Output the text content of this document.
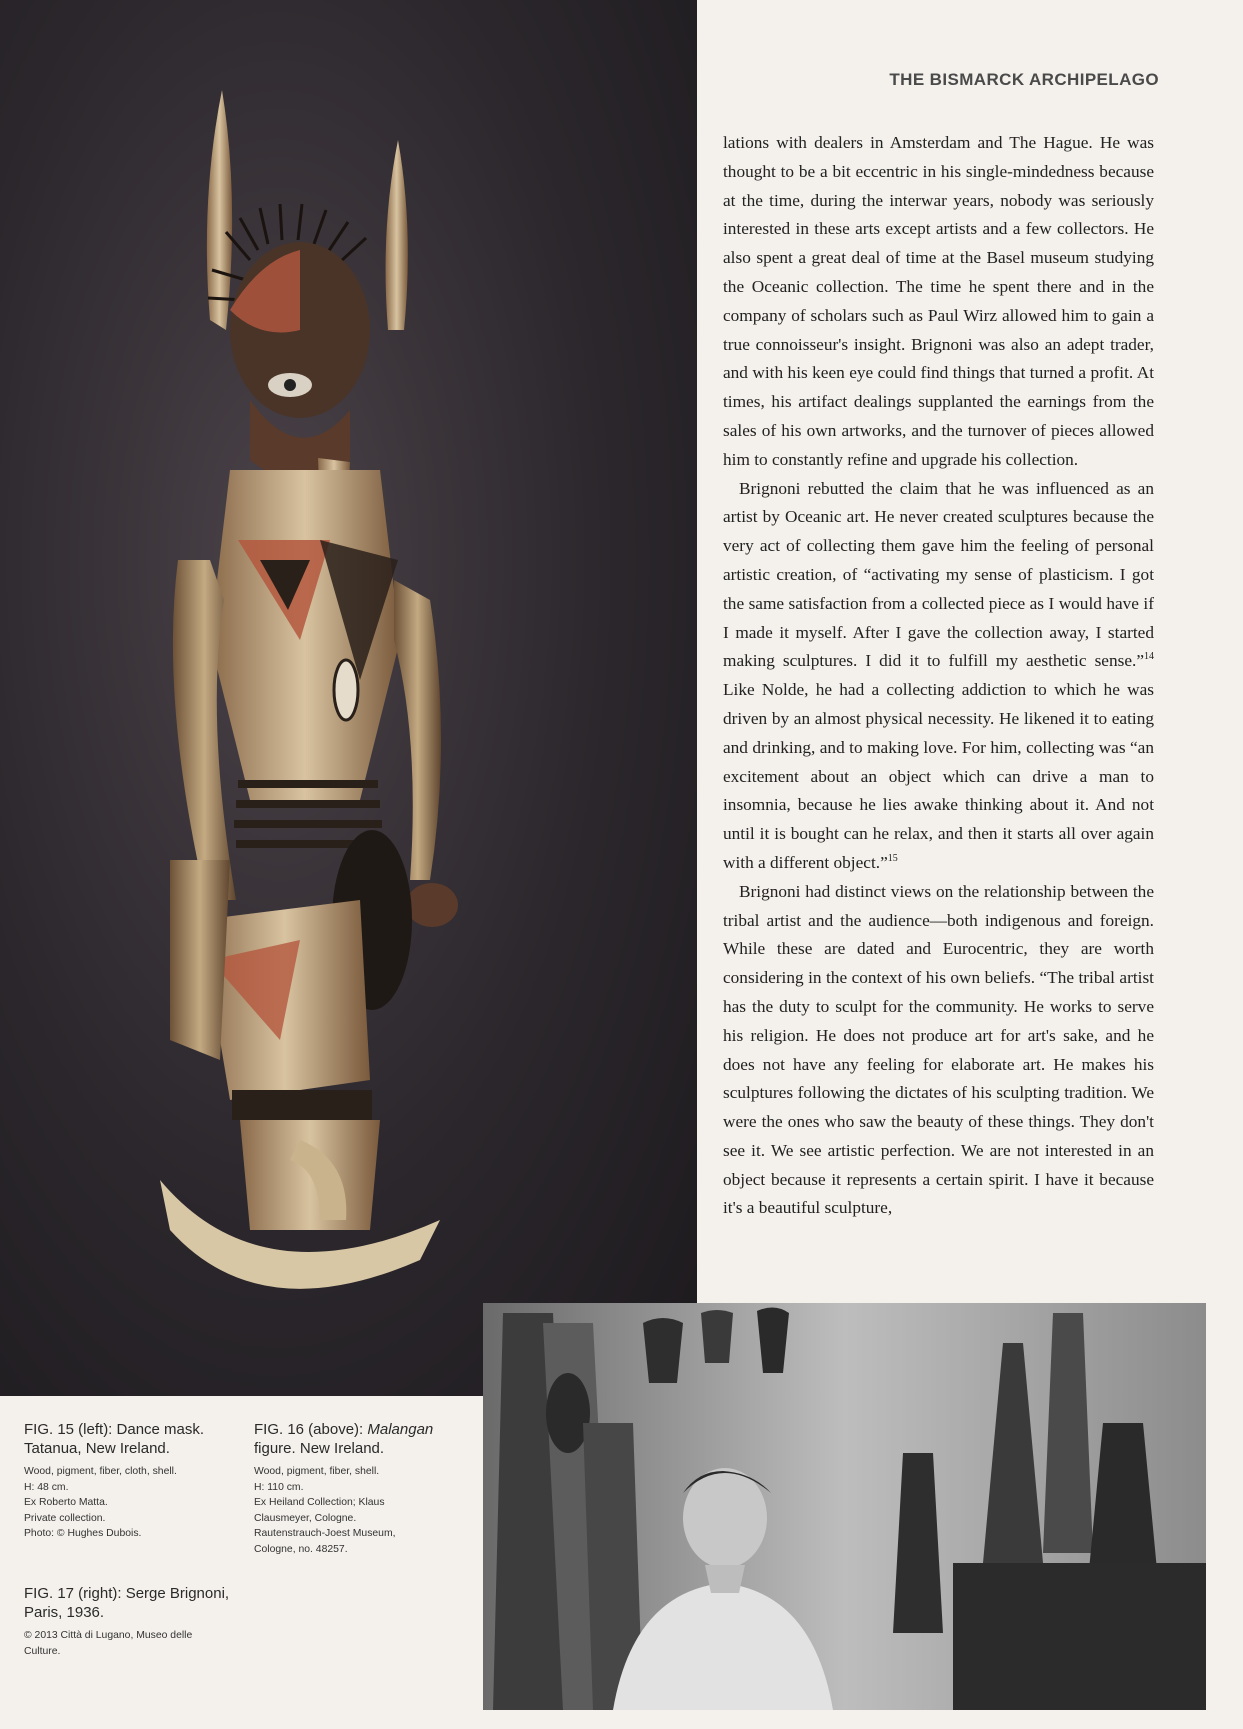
THE BISMARCK ARCHIPELAGO

lations with dealers in Amsterdam and The Hague. He was thought to be a bit eccentric in his single-mindedness because at the time, during the interwar years, nobody was seriously interested in these arts except artists and a few collectors. He also spent a great deal of time at the Basel museum studying the Oceanic collection. The time he spent there and in the company of scholars such as Paul Wirz allowed him to gain a true connoisseur's insight. Brignoni was also an adept trader, and with his keen eye could find things that turned a profit. At times, his artifact dealings supplanted the earnings from the sales of his own artworks, and the turnover of pieces allowed him to constantly refine and upgrade his collection.

Brignoni rebutted the claim that he was influenced as an artist by Oceanic art. He never created sculptures because the very act of collecting them gave him the feeling of personal artistic creation, of “activating my sense of plasticism. I got the same satisfaction from a collected piece as I would have if I made it myself. After I gave the collection away, I started making sculptures. I did it to fulfill my aesthetic sense.”$^{14}$ Like Nolde, he had a collecting addiction to which he was driven by an almost physical necessity. He likened it to eating and drinking, and to making love. For him, collecting was “an excitement about an object which can drive a man to insomnia, because he lies awake thinking about it. And not until it is bought can he relax, and then it starts all over again with a different object.”$^{15}$

Brignoni had distinct views on the relationship between the tribal artist and the audience—both indigenous and foreign. While these are dated and Eurocentric, they are worth considering in the context of his own beliefs. “The tribal artist has the duty to sculpt for the community. He works to serve his religion. He does not produce art for art's sake, and he does not have any feeling for elaborate art. He makes his sculptures following the dictates of his sculpting tradition. We were the ones who saw the beauty of these things. They don't see it. We see artistic perfection. We are not interested in an object because it represents a certain spirit. I have it because it's a beautiful sculpture,

FIG. 15 (left): Dance mask.
Tatanua, New Ireland.
Wood, pigment, fiber, cloth, shell.
H: 48 cm.
Ex Roberto Matta.
Private collection.
Photo: © Hughes Dubois.
FIG. 16 (above): Malangan
figure. New Ireland.
Wood, pigment, fiber, shell.
H: 110 cm.
Ex Heiland Collection; Klaus
Clausmeyer, Cologne.
Rautenstrauch-Joest Museum,
Cologne, no. 48257.
FIG. 17 (right): Serge Brignoni,
Paris, 1936.
© 2013 Città di Lugano, Museo delle
Culture.
